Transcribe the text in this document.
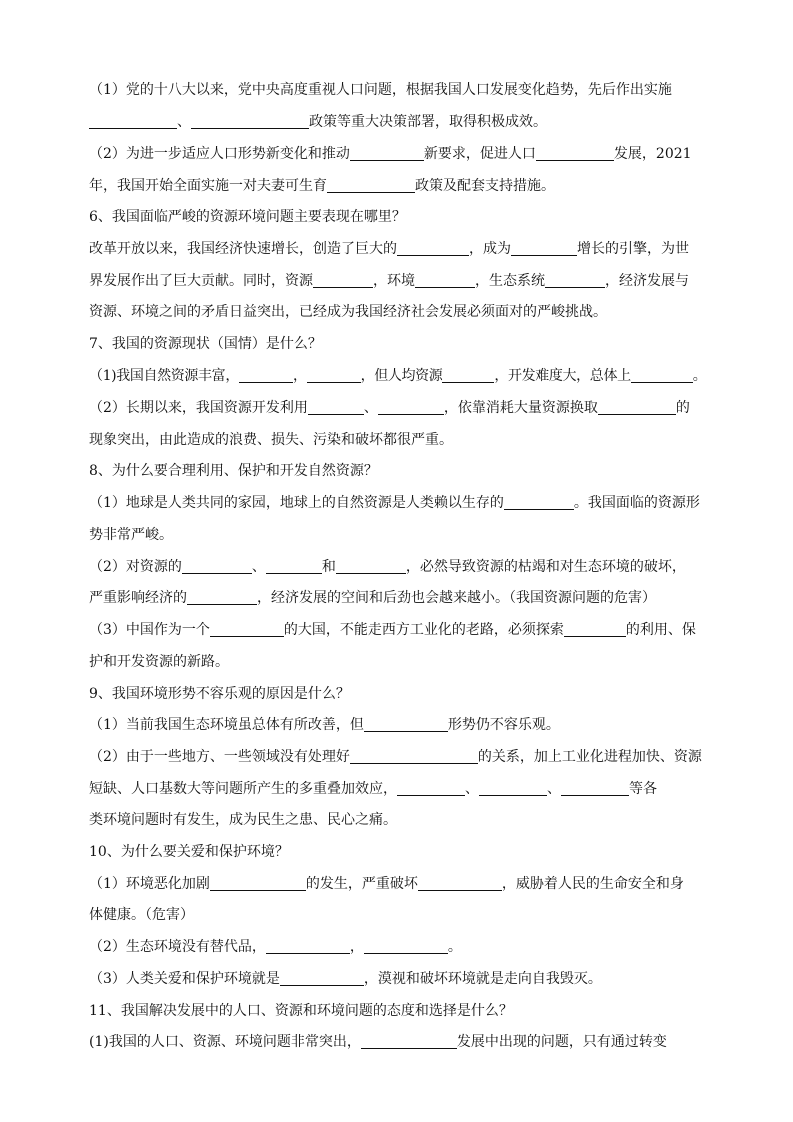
（1）党的十八大以来，党中央高度重视人口问题，根据我国人口发展变化趋势，先后作出实施
、	政策等重大决策部署，取得积极成效。
（2）为进一步适应人口形势新变化和推动	新要求，促进人口	发展，2021
年，我国开始全面实施一对夫妻可生育	政策及配套支持措施。
6、我国面临严峻的资源环境问题主要表现在哪里？
改革开放以来，我国经济快速增长，创造了巨大的	，成为	增长的引擎，为世
界发展作出了巨大贡献。同时，资源	，环境	，生态系统	，经济发展与
资源、环境之间的矛盾日益突出，已经成为我国经济社会发展必须面对的严峻挑战。
7、我国的资源现状（国情）是什么？
（1)我国自然资源丰富，	，	，但人均资源	，开发难度大，总体上	。
（2）长期以来，我国资源开发利用	、	，依靠消耗大量资源换取	的
现象突出，由此造成的浪费、损失、污染和破坏都很严重。
8、为什么要合理利用、保护和开发自然资源？
（1）地球是人类共同的家园，地球上的自然资源是人类赖以生存的	。我国面临的资源形
势非常严峻。
（2）对资源的	、	和	，必然导致资源的枯竭和对生态环境的破坏，
严重影响经济的	，经济发展的空间和后劲也会越来越小。（我国资源问题的危害）
（3）中国作为一个	的大国，不能走西方工业化的老路，必须探索	的利用、保
护和开发资源的新路。
9、我国环境形势不容乐观的原因是什么？
（1）当前我国生态环境虽总体有所改善，但	形势仍不容乐观。
（2）由于一些地方、一些领域没有处理好	的关系，加上工业化进程加快、资源
短缺、人口基数大等问题所产生的多重叠加效应，	、	、	等各
类环境问题时有发生，成为民生之患、民心之痛。
10、为什么要关爱和保护环境？
（1）环境恶化加剧	的发生，严重破坏	，威胁着人民的生命安全和身
体健康。（危害）
（2）生态环境没有替代品，	，	。
（3）人类关爱和保护环境就是	，漠视和破坏环境就是走向自我毁灭。
11、我国解决发展中的人口、资源和环境问题的态度和选择是什么？
(1)我国的人口、资源、环境问题非常突出，	发展中出现的问题，只有通过转变
